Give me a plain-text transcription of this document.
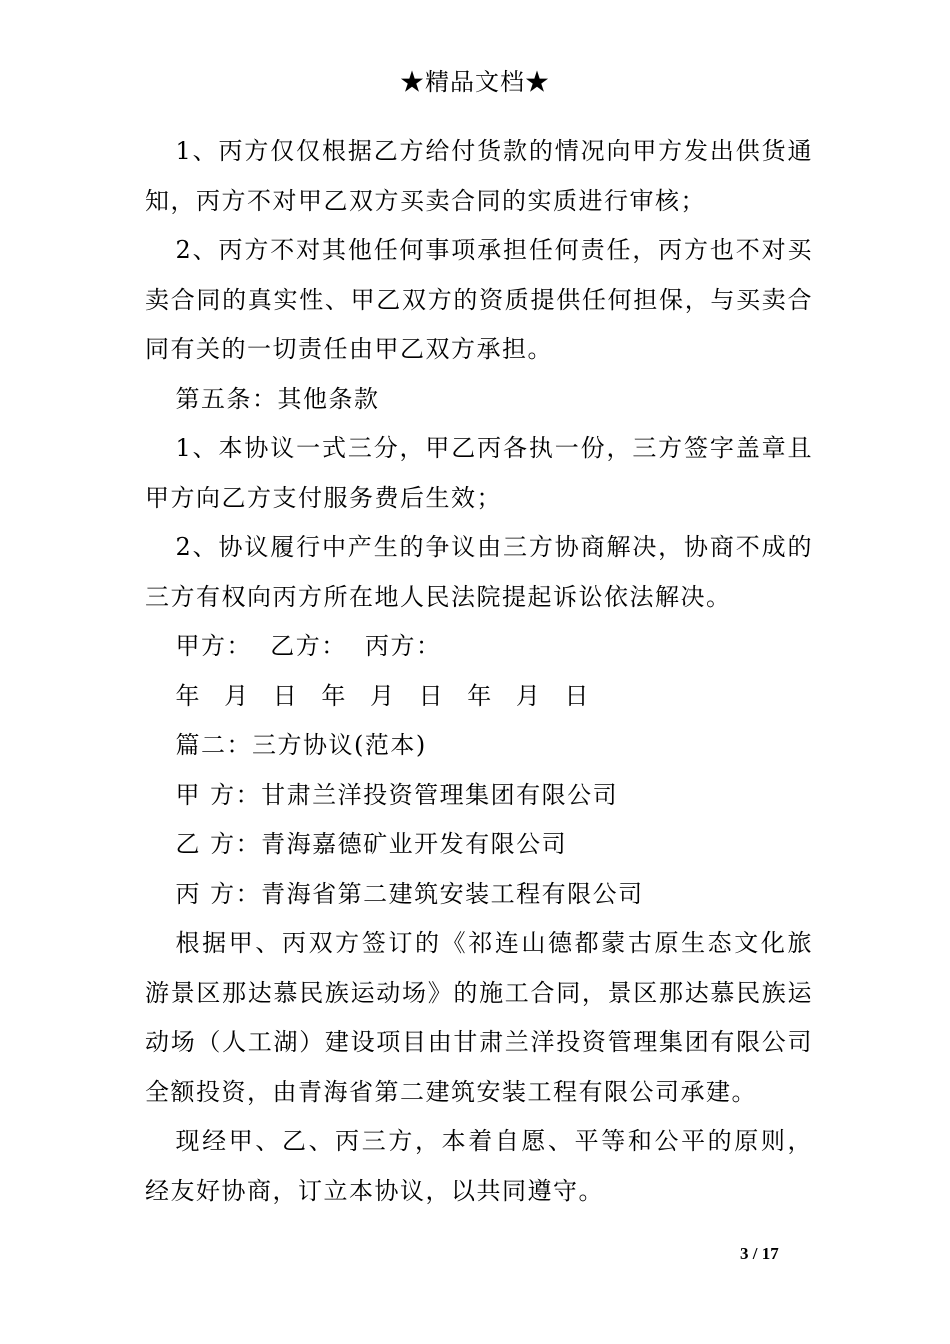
★精品文档★

1、丙方仅仅根据乙方给付货款的情况向甲方发出供货通知，丙方不对甲乙双方买卖合同的实质进行审核；

2、丙方不对其他任何事项承担任何责任，丙方也不对买卖合同的真实性、甲乙双方的资质提供任何担保，与买卖合同有关的一切责任由甲乙双方承担。

第五条：其他条款

1、本协议一式三分，甲乙丙各执一份，三方签字盖章且甲方向乙方支付服务费后生效；

2、协议履行中产生的争议由三方协商解决，协商不成的三方有权向丙方所在地人民法院提起诉讼依法解决。

甲方：  乙方：  丙方：

年 月 日 年 月 日 年 月 日

篇二：三方协议(范本)

甲 方：甘肃兰洋投资管理集团有限公司

乙 方：青海嘉德矿业开发有限公司

丙 方：青海省第二建筑安装工程有限公司

根据甲、丙双方签订的《祁连山德都蒙古原生态文化旅游景区那达慕民族运动场》的施工合同，景区那达慕民族运动场（人工湖）建设项目由甘肃兰洋投资管理集团有限公司全额投资，由青海省第二建筑安装工程有限公司承建。

现经甲、乙、丙三方，本着自愿、平等和公平的原则，经友好协商，订立本协议，以共同遵守。

3 / 17
